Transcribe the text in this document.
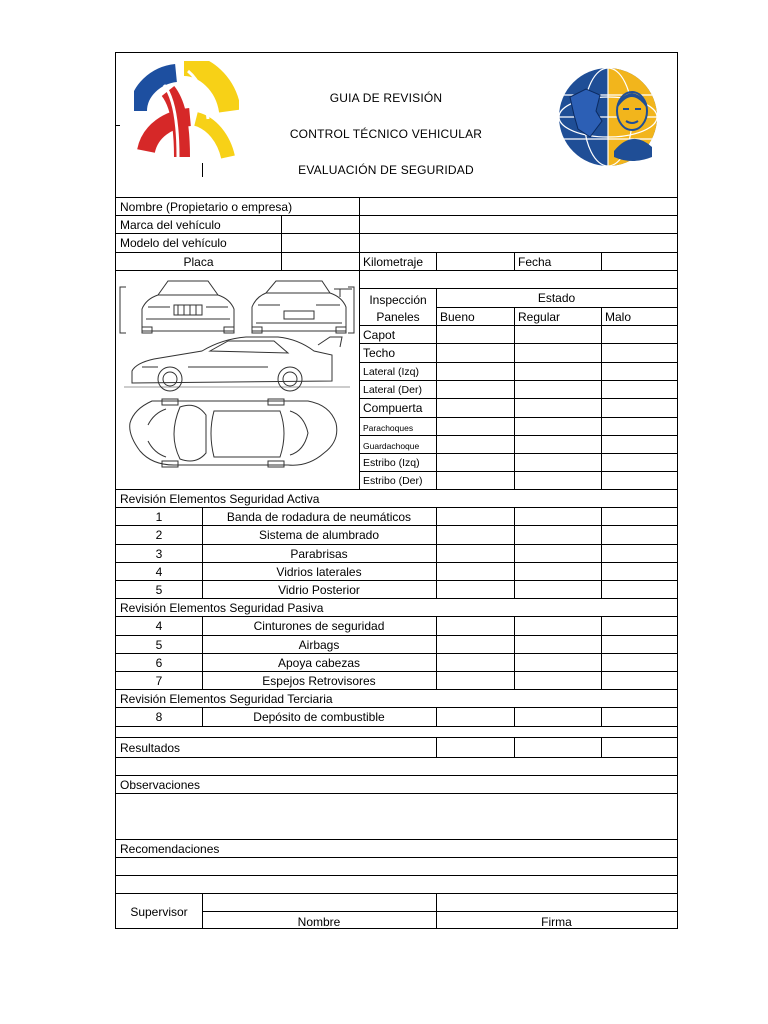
GUIA DE REVISIÓN
CONTROL TÉCNICO VEHICULAR
EVALUACIÓN DE SEGURIDAD
Nombre (Propietario o empresa)
Marca del vehículo
Modelo del vehículo
Placa	Kilometraje	Fecha
Inspección
Paneles
Estado
Bueno	Regular	Malo
Capot
Techo
Lateral (Izq)
Lateral (Der)
Compuerta
Parachoques
Guardachoque
Estribo (Izq)
Estribo (Der)
Revisión Elementos Seguridad Activa
1	Banda de rodadura de neumáticos
2	Sistema de alumbrado
3	Parabrisas
4	Vidrios laterales
5	Vidrio Posterior
Revisión Elementos Seguridad Pasiva
4	Cinturones de seguridad
5	Airbags
6	Apoya cabezas
7	Espejos Retrovisores
Revisión Elementos Seguridad Terciaria
8	Depósito de combustible
Resultados
Observaciones
Recomendaciones
Supervisor
Nombre	Firma
